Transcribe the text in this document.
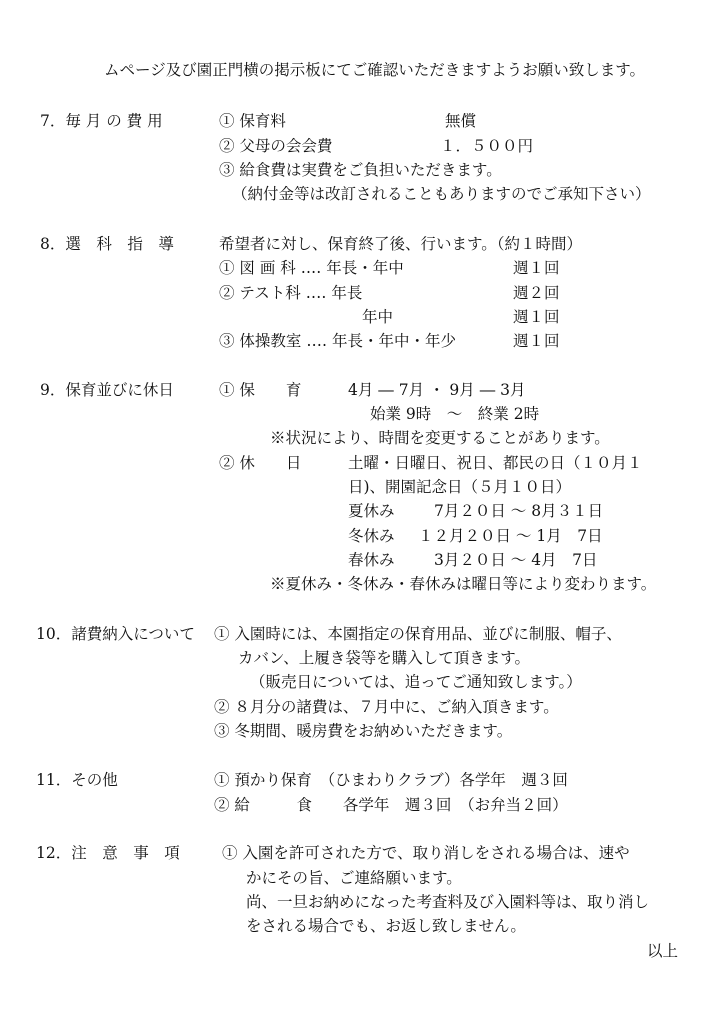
ムページ及び園正門横の掲示板にてご確認いただきますようお願い致します。
7．毎 月 の 費 用	① 保育料	無償
② 父母の会会費	１．５００円
③ 給食費は実費をご負担いただきます。
（納付金等は改訂されることもありますのでご承知下さい）
8．選　科　指　導	希望者に対し、保育終了後、行います。（約１時間）
① 図 画 科 ‥‥ 年長・年中	週１回
② テスト科 ‥‥ 年長	週２回
年中	週１回
③ 体操教室 ‥‥ 年長・年中・年少	週１回
9．保育並びに休日	① 保　　育	4月 ― 7月 ・ 9月 ― 3月
始業 9時　～　終業 2時
※状況により、時間を変更することがあります。
② 休　　日	土曜・日曜日、祝日、都民の日（１０月１
日)、開園記念日（５月１０日）
夏休み	7月２０日 ～ 8月３１日
冬休み １２月２０日 ～ 1月　7日
春休み	3月２０日 ～ 4月　7日
※夏休み・冬休み・春休みは曜日等により変わります。
10．諸費納入について ① 入園時には、本園指定の保育用品、並びに制服、帽子、
カバン、上履き袋等を購入して頂きます。
（販売日については、追ってご通知致します。）
② ８月分の諸費は、７月中に、ご納入頂きます。
③ 冬期間、暖房費をお納めいただきます。
11．その他	① 預かり保育　（ひまわりクラブ）各学年　週３回
② 給　　　食　　各学年　週３回　（お弁当２回）
12．注　意　事　項	① 入園を許可された方で、取り消しをされる場合は、速や
かにその旨、ご連絡願います。
尚、一旦お納めになった考査料及び入園料等は、取り消し
をされる場合でも、お返し致しません。
以上
